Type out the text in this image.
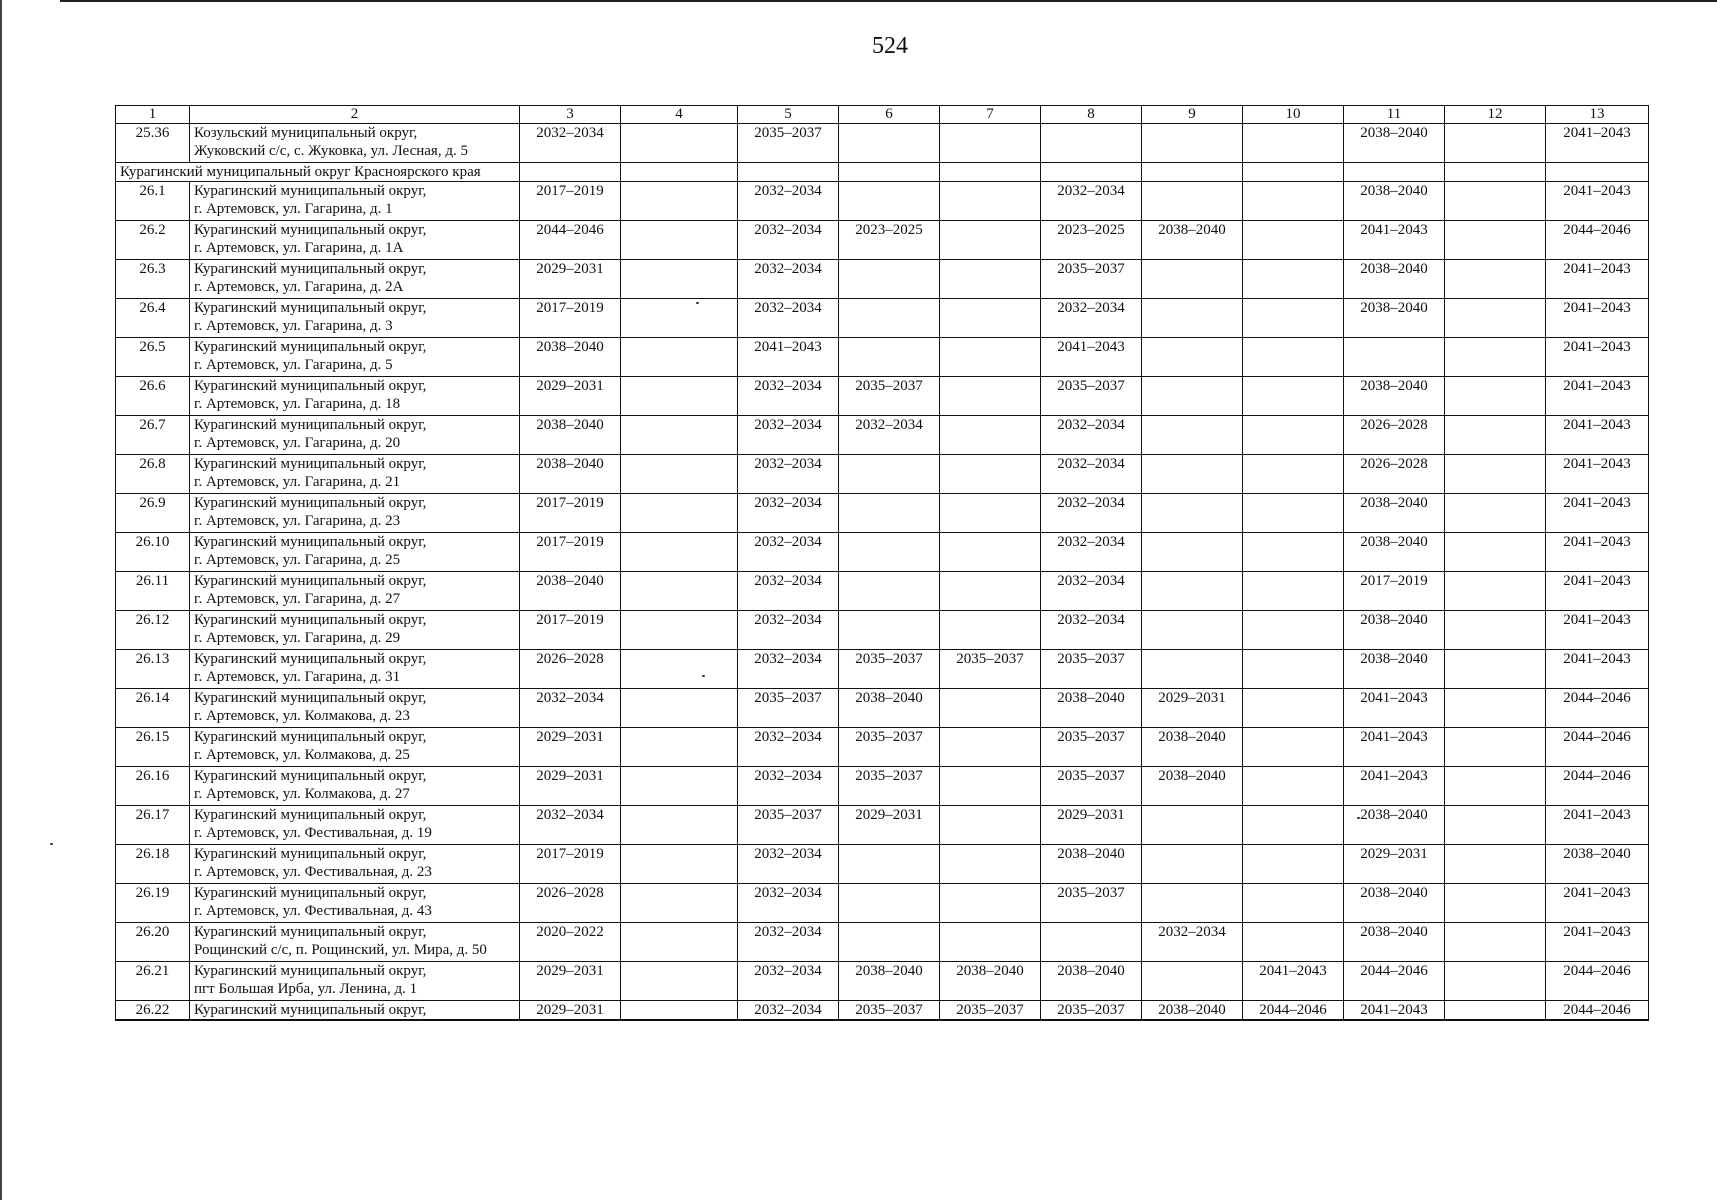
524
1	2	3	4	5	6	7	8	9	10	11	12	13
25.36	Козульский муниципальный округ,
Жуковский с/с, с. Жуковка, ул. Лесная, д. 5	2032–2034		2035–2037						2038–2040		2041–2043
Курагинский муниципальный округ Красноярского края												
26.1	Курагинский муниципальный округ,
г. Артемовск, ул. Гагарина, д. 1	2017–2019		2032–2034			2032–2034			2038–2040		2041–2043
26.2	Курагинский муниципальный округ,
г. Артемовск, ул. Гагарина, д. 1А	2044–2046		2032–2034	2023–2025		2023–2025	2038–2040		2041–2043		2044–2046
26.3	Курагинский муниципальный округ,
г. Артемовск, ул. Гагарина, д. 2А	2029–2031		2032–2034			2035–2037			2038–2040		2041–2043
26.4	Курагинский муниципальный округ,
г. Артемовск, ул. Гагарина, д. 3	2017–2019		2032–2034			2032–2034			2038–2040		2041–2043
26.5	Курагинский муниципальный округ,
г. Артемовск, ул. Гагарина, д. 5	2038–2040		2041–2043			2041–2043					2041–2043
26.6	Курагинский муниципальный округ,
г. Артемовск, ул. Гагарина, д. 18	2029–2031		2032–2034	2035–2037		2035–2037			2038–2040		2041–2043
26.7	Курагинский муниципальный округ,
г. Артемовск, ул. Гагарина, д. 20	2038–2040		2032–2034	2032–2034		2032–2034			2026–2028		2041–2043
26.8	Курагинский муниципальный округ,
г. Артемовск, ул. Гагарина, д. 21	2038–2040		2032–2034			2032–2034			2026–2028		2041–2043
26.9	Курагинский муниципальный округ,
г. Артемовск, ул. Гагарина, д. 23	2017–2019		2032–2034			2032–2034			2038–2040		2041–2043
26.10	Курагинский муниципальный округ,
г. Артемовск, ул. Гагарина, д. 25	2017–2019		2032–2034			2032–2034			2038–2040		2041–2043
26.11	Курагинский муниципальный округ,
г. Артемовск, ул. Гагарина, д. 27	2038–2040		2032–2034			2032–2034			2017–2019		2041–2043
26.12	Курагинский муниципальный округ,
г. Артемовск, ул. Гагарина, д. 29	2017–2019		2032–2034			2032–2034			2038–2040		2041–2043
26.13	Курагинский муниципальный округ,
г. Артемовск, ул. Гагарина, д. 31	2026–2028		2032–2034	2035–2037	2035–2037	2035–2037			2038–2040		2041–2043
26.14	Курагинский муниципальный округ,
г. Артемовск, ул. Колмакова, д. 23	2032–2034		2035–2037	2038–2040		2038–2040	2029–2031		2041–2043		2044–2046
26.15	Курагинский муниципальный округ,
г. Артемовск, ул. Колмакова, д. 25	2029–2031		2032–2034	2035–2037		2035–2037	2038–2040		2041–2043		2044–2046
26.16	Курагинский муниципальный округ,
г. Артемовск, ул. Колмакова, д. 27	2029–2031		2032–2034	2035–2037		2035–2037	2038–2040		2041–2043		2044–2046
26.17	Курагинский муниципальный округ,
г. Артемовск, ул. Фестивальная, д. 19	2032–2034		2035–2037	2029–2031		2029–2031			2038–2040		2041–2043
26.18	Курагинский муниципальный округ,
г. Артемовск, ул. Фестивальная, д. 23	2017–2019		2032–2034			2038–2040			2029–2031		2038–2040
26.19	Курагинский муниципальный округ,
г. Артемовск, ул. Фестивальная, д. 43	2026–2028		2032–2034			2035–2037			2038–2040		2041–2043
26.20	Курагинский муниципальный округ,
Рощинский с/с, п. Рощинский, ул. Мира, д. 50	2020–2022		2032–2034				2032–2034		2038–2040		2041–2043
26.21	Курагинский муниципальный округ,
пгт Большая Ирба, ул. Ленина, д. 1	2029–2031		2032–2034	2038–2040	2038–2040	2038–2040		2041–2043	2044–2046		2044–2046
26.22	Курагинский муниципальный округ,	2029–2031		2032–2034	2035–2037	2035–2037	2035–2037	2038–2040	2044–2046	2041–2043		2044–2046
